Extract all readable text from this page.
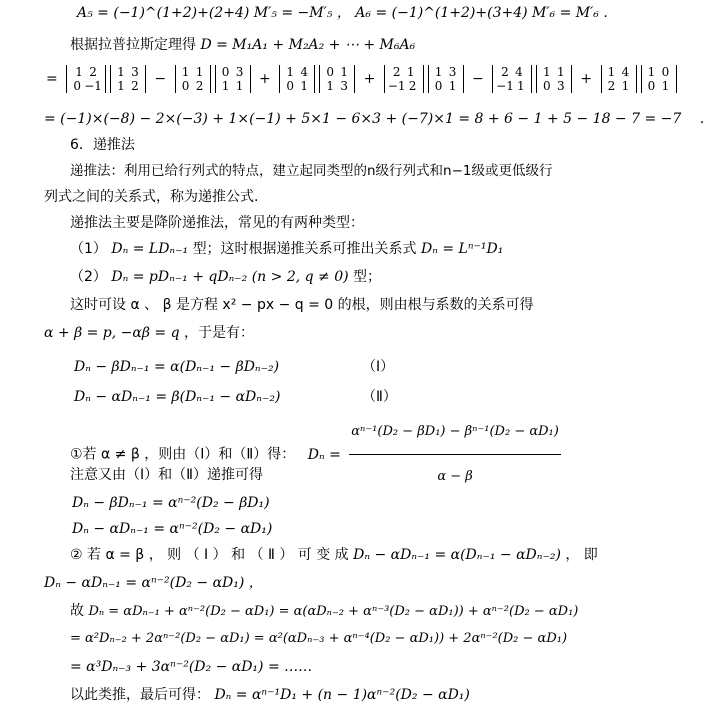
A₅ = (−1)^(1+2)+(2+4) M′₅ = −M′₅ ， A₆ = (−1)^(1+2)+(3+4) M′₆ = M′₆ .
根据拉普拉斯定理得 D = M₁A₁ + M₂A₂ + ⋯ + M₆A₆
= 1 2
0 −11 3
1 2 − 1 1
0 20 3
1 1 + 1 4
0 10 1
1 3 + 2 1
−1 21 3
0 1 − 2 4
−1 11 1
0 3 + 1 4
2 11 0
0 1
= (−1)×(−8) − 2×(−3) + 1×(−1) + 5×1 − 6×3 + (−7)×1 = 8 + 6 − 1 + 5 − 18 − 7 = −7 .
6．递推法
递推法：利用已给行列式的特点，建立起同类型的n级行列式和n−1级或更低级行
列式之间的关系式，称为递推公式.
递推法主要是降阶递推法，常见的有两种类型：
（1） Dₙ = LDₙ₋₁ 型；这时根据递推关系可推出关系式 Dₙ = Lⁿ⁻¹D₁
（2） Dₙ = pDₙ₋₁ + qDₙ₋₂ (n > 2, q ≠ 0) 型；
这时可设 α 、 β 是方程 x² − px − q = 0 的根，则由根与系数的关系可得
α + β = p, −αβ = q ，于是有：
Dₙ − βDₙ₋₁ = α(Dₙ₋₁ − βDₙ₋₂)	（Ⅰ）
Dₙ − αDₙ₋₁ = β(Dₙ₋₁ − αDₙ₋₂)	（Ⅱ）
①若 α ≠ β ，则由（Ⅰ）和（Ⅱ）得： $D_n = \frac{\text{αⁿ⁻¹(D₂ − βD₁) − βⁿ⁻¹(D₂ − αD₁)}}{\alpha - \beta}$
注意又由（Ⅰ）和（Ⅱ）递推可得
Dₙ − βDₙ₋₁ = αⁿ⁻²(D₂ − βD₁)
Dₙ − αDₙ₋₁ = αⁿ⁻²(D₂ − αD₁)
② 若 α = β ， 则 （ Ⅰ ） 和 （ Ⅱ ） 可 变 成 Dₙ − αDₙ₋₁ = α(Dₙ₋₁ − αDₙ₋₂) ， 即
Dₙ − αDₙ₋₁ = αⁿ⁻²(D₂ − αD₁) ，
故 Dₙ = αDₙ₋₁ + αⁿ⁻²(D₂ − αD₁) = α(αDₙ₋₂ + αⁿ⁻³(D₂ − αD₁)) + αⁿ⁻²(D₂ − αD₁)
= α²Dₙ₋₂ + 2αⁿ⁻²(D₂ − αD₁) = α²(αDₙ₋₃ + αⁿ⁻⁴(D₂ − αD₁)) + 2αⁿ⁻²(D₂ − αD₁)
= α³Dₙ₋₃ + 3αⁿ⁻²(D₂ − αD₁) = ……
以此类推，最后可得： Dₙ = αⁿ⁻¹D₁ + (n − 1)αⁿ⁻²(D₂ − αD₁)
